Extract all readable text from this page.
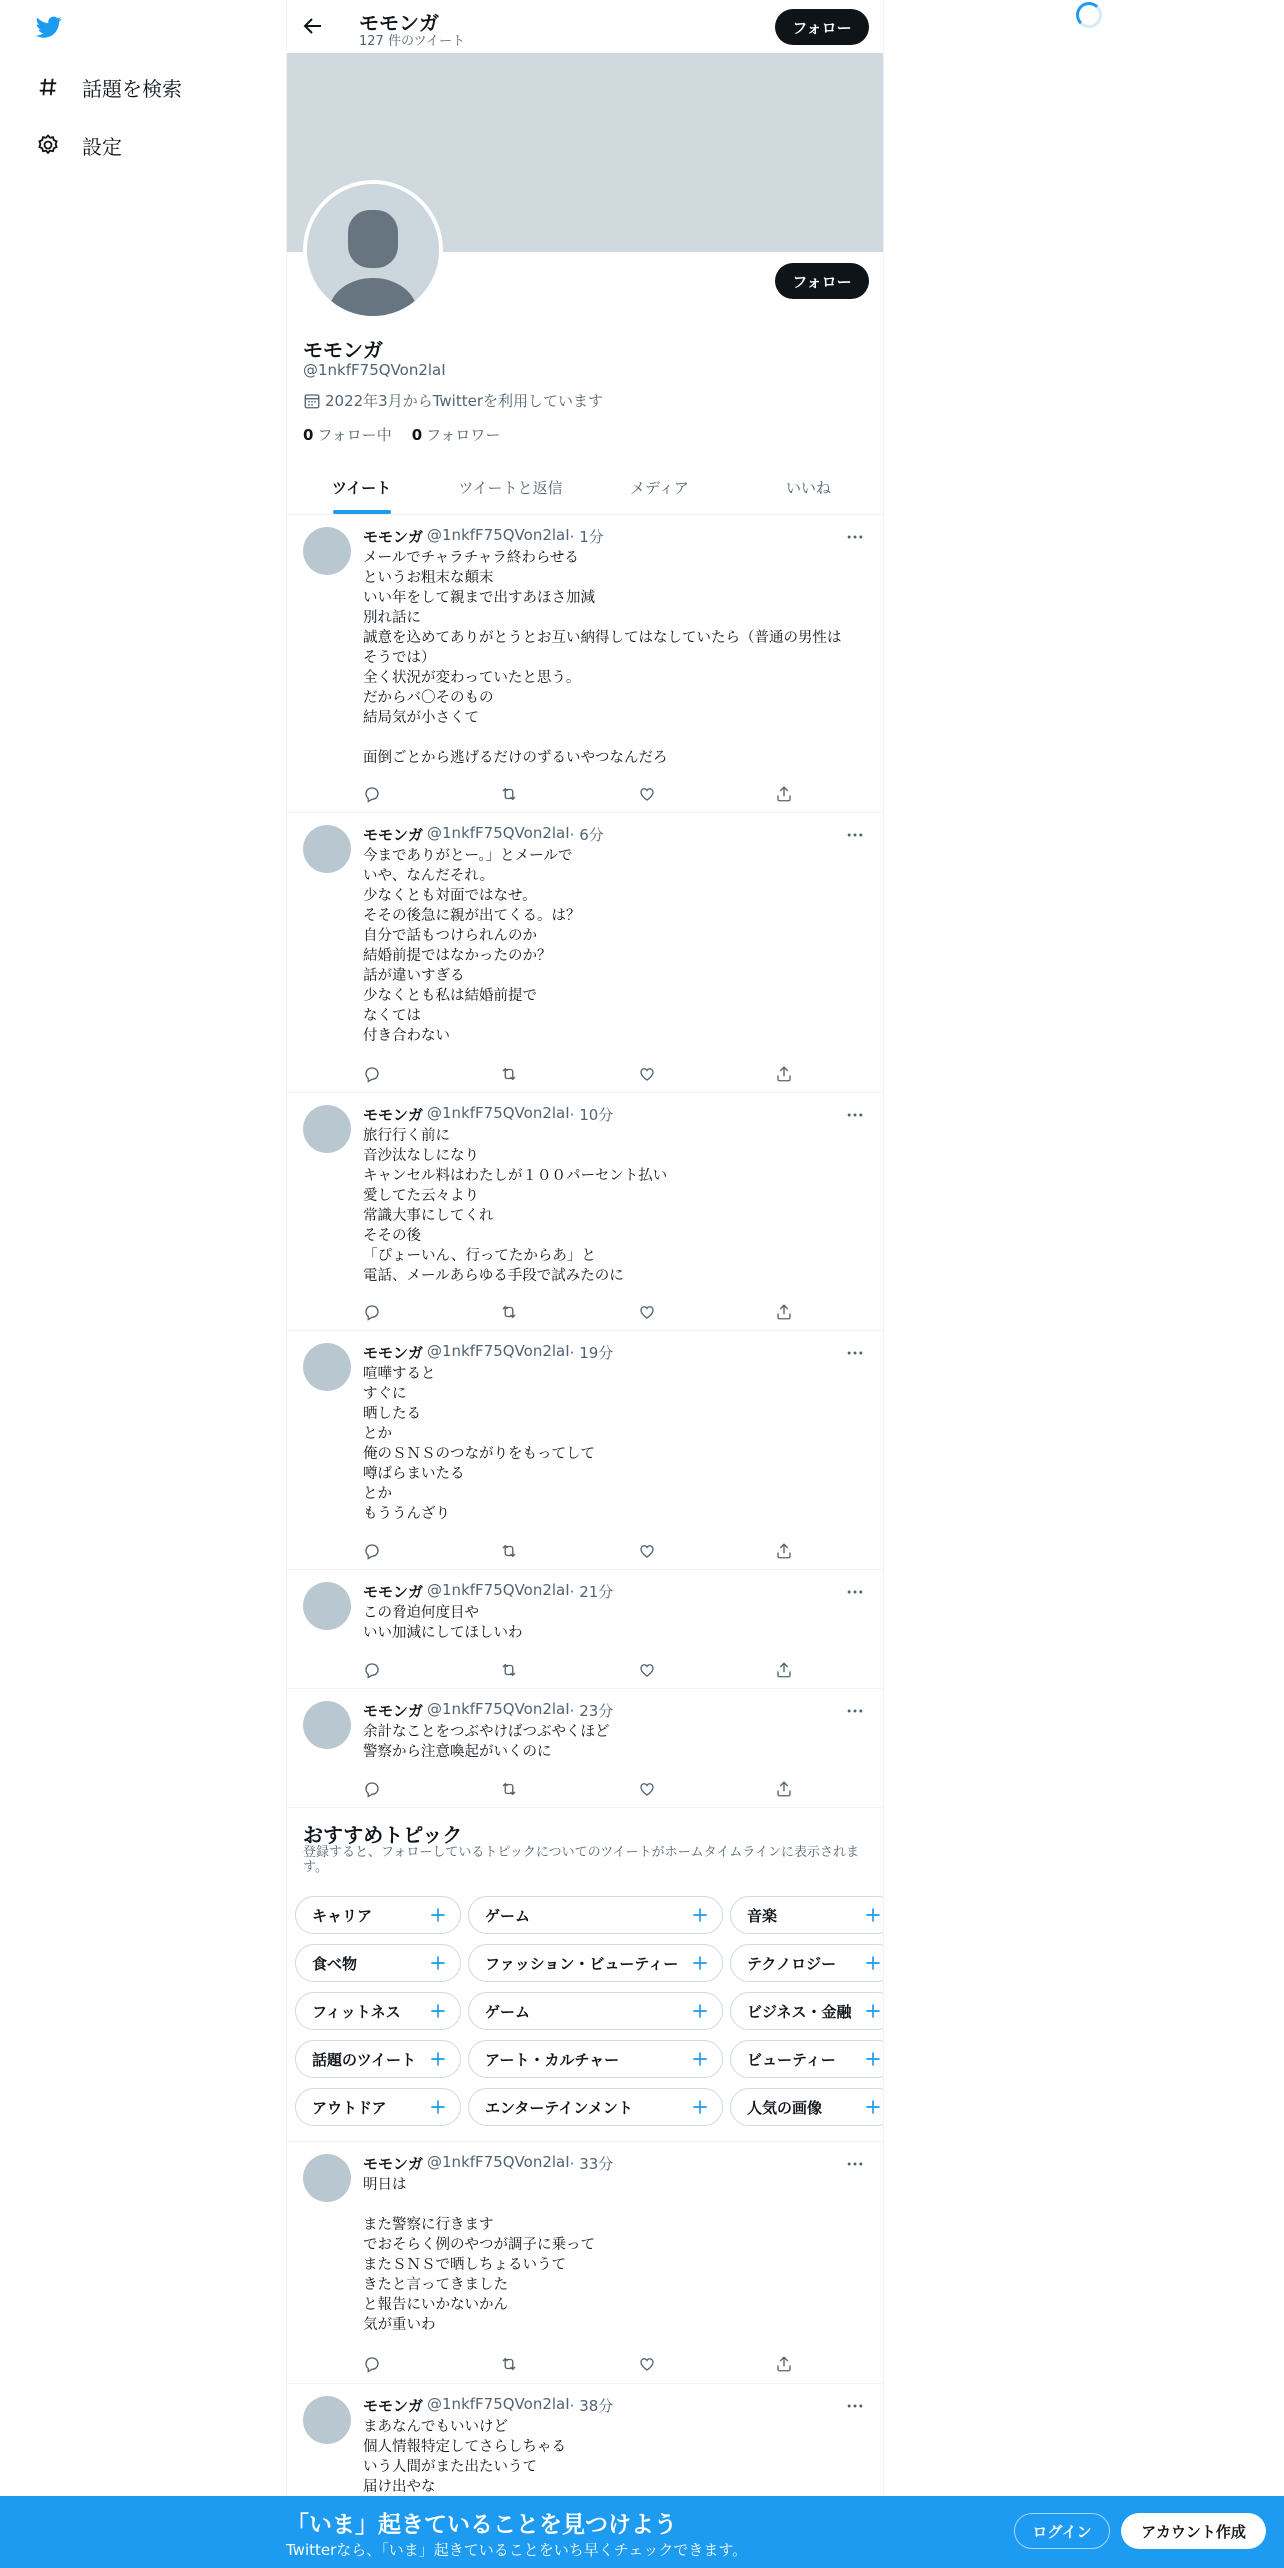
話題を検索
設定
モモンガ
127 件のツイート
フォロー
フォロー
モモンガ
@1nkfF75QVon2laI
2022年3月からTwitterを利用しています
0 フォロー中 0 フォロワー
ツイート	ツイートと返信	メディア	いいね
モモンガ @1nkfF75QVon2laI · 1分
メールでチャラチャラ終わらせる
というお粗末な顛末
いい年をして親まで出すあほさ加減
別れ話に
誠意を込めてありがとうとお互い納得してはなしていたら（普通の男性は
そうでは）
全く状況が変わっていたと思う。
だからバ〇そのもの
結局気が小さくて

面倒ごとから逃げるだけのずるいやつなんだろ
モモンガ @1nkfF75QVon2laI · 6分
今までありがとー。」とメールで
いや、なんだそれ。
少なくとも対面ではなせ。
そその後急に親が出てくる。は？
自分で話もつけられんのか
結婚前提ではなかったのか？
話が違いすぎる
少なくとも私は結婚前提で
なくては
付き合わない
モモンガ @1nkfF75QVon2laI · 10分
旅行行く前に
音沙汰なしになり
キャンセル料はわたしが１００パーセント払い
愛してた云々より
常識大事にしてくれ
そその後
「ぴょーいん、行ってたからあ」と
電話、メールあらゆる手段で試みたのに
モモンガ @1nkfF75QVon2laI · 19分
喧嘩すると
すぐに
晒したる
とか
俺のＳＮＳのつながりをもってして
噂ばらまいたる
とか
もううんざり
モモンガ @1nkfF75QVon2laI · 21分
この脅迫何度目や
いい加減にしてほしいわ
モモンガ @1nkfF75QVon2laI · 23分
余計なことをつぶやけばつぶやくほど
警察から注意喚起がいくのに
モモンガ @1nkfF75QVon2laI · 33分
明日は

また警察に行きます
でおそらく例のやつが調子に乗って
またＳＮＳで晒しちょるいうて
きたと言ってきました
と報告にいかないかん
気が重いわ
モモンガ @1nkfF75QVon2laI · 38分
まあなんでもいいけど
個人情報特定してさらしちゃる
いう人間がまた出たいうて
届け出やな
おすすめトピック
登録すると、フォローしているトピックについてのツイートがホームタイムラインに表示されます。
キャリア	ゲーム	音楽
食べ物	ファッション・ビューティー	テクノロジー
フィットネス	ゲーム	ビジネス・金融
話題のツイート	アート・カルチャー	ビューティー
アウトドア	エンターテインメント	人気の画像
「いま」起きていることを見つけよう
Twitterなら、「いま」起きていることをいち早くチェックできます。
ログイン	アカウント作成
